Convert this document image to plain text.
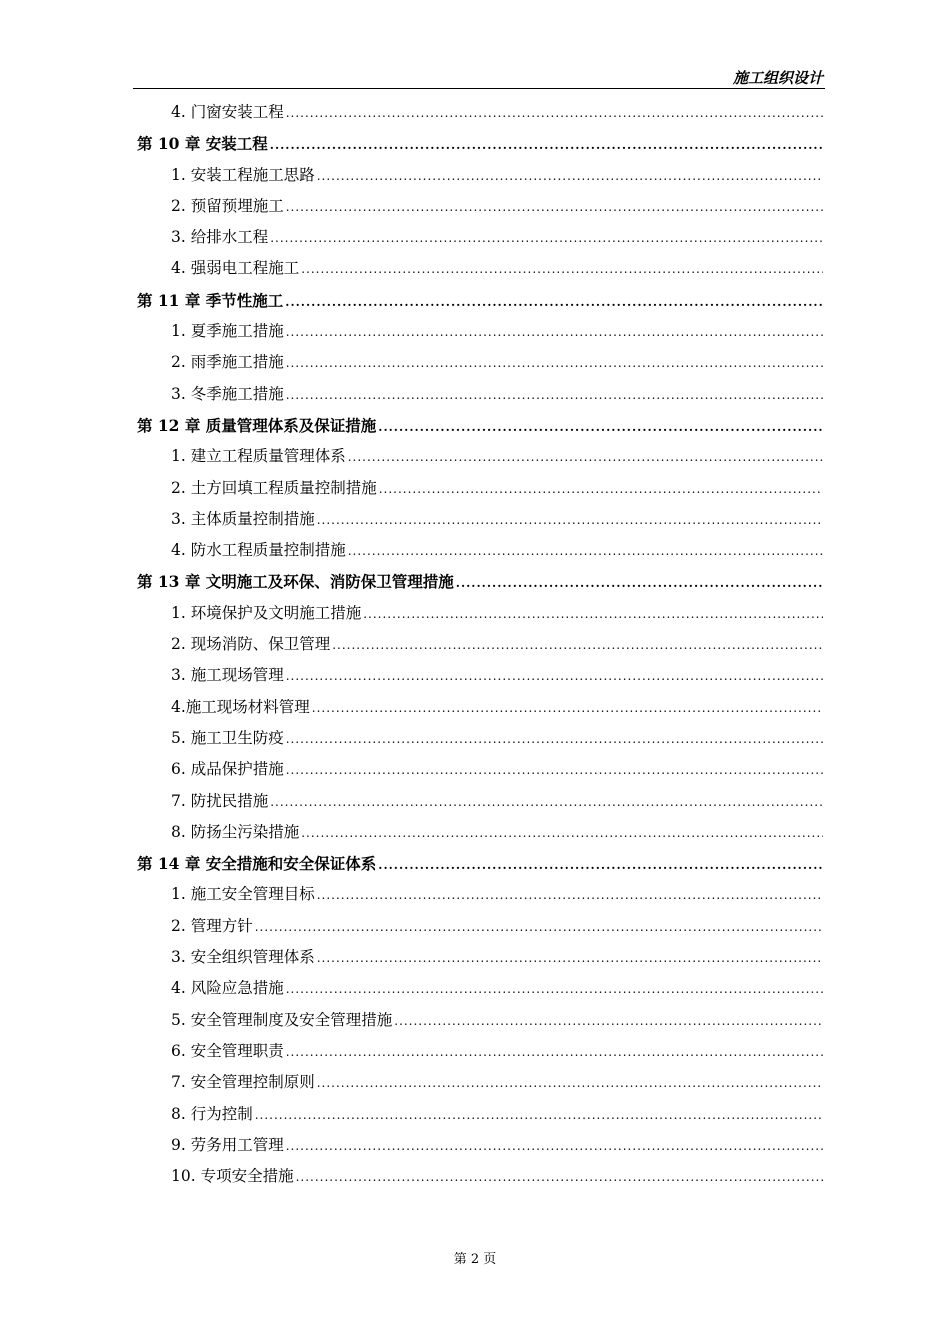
施工组织设计
4. 门窗安装工程
.....
第 10 章 安装工程
.....
1. 安装工程施工思路
.....
2. 预留预埋施工
.....
3. 给排水工程
.....
4. 强弱电工程施工
.....
第 11 章 季节性施工
.....
1. 夏季施工措施
.....
2. 雨季施工措施
.....
3. 冬季施工措施
.....
第 12 章 质量管理体系及保证措施
.....
1. 建立工程质量管理体系
.....
2. 土方回填工程质量控制措施
.....
3. 主体质量控制措施
.....
4. 防水工程质量控制措施
.....
第 13 章 文明施工及环保、消防保卫管理措施
.....
1. 环境保护及文明施工措施
.....
2. 现场消防、保卫管理
.....
3. 施工现场管理
.....
4.施工现场材料管理
.....
5. 施工卫生防疫
.....
6. 成品保护措施
.....
7. 防扰民措施
.....
8. 防扬尘污染措施
.....
第 14 章 安全措施和安全保证体系
.....
1. 施工安全管理目标
.....
2. 管理方针
.....
3. 安全组织管理体系
.....
4. 风险应急措施
.....
5. 安全管理制度及安全管理措施
.....
6. 安全管理职责
.....
7. 安全管理控制原则
.....
8. 行为控制
.....
9. 劳务用工管理
.....
10. 专项安全措施
.....
第 2 页
